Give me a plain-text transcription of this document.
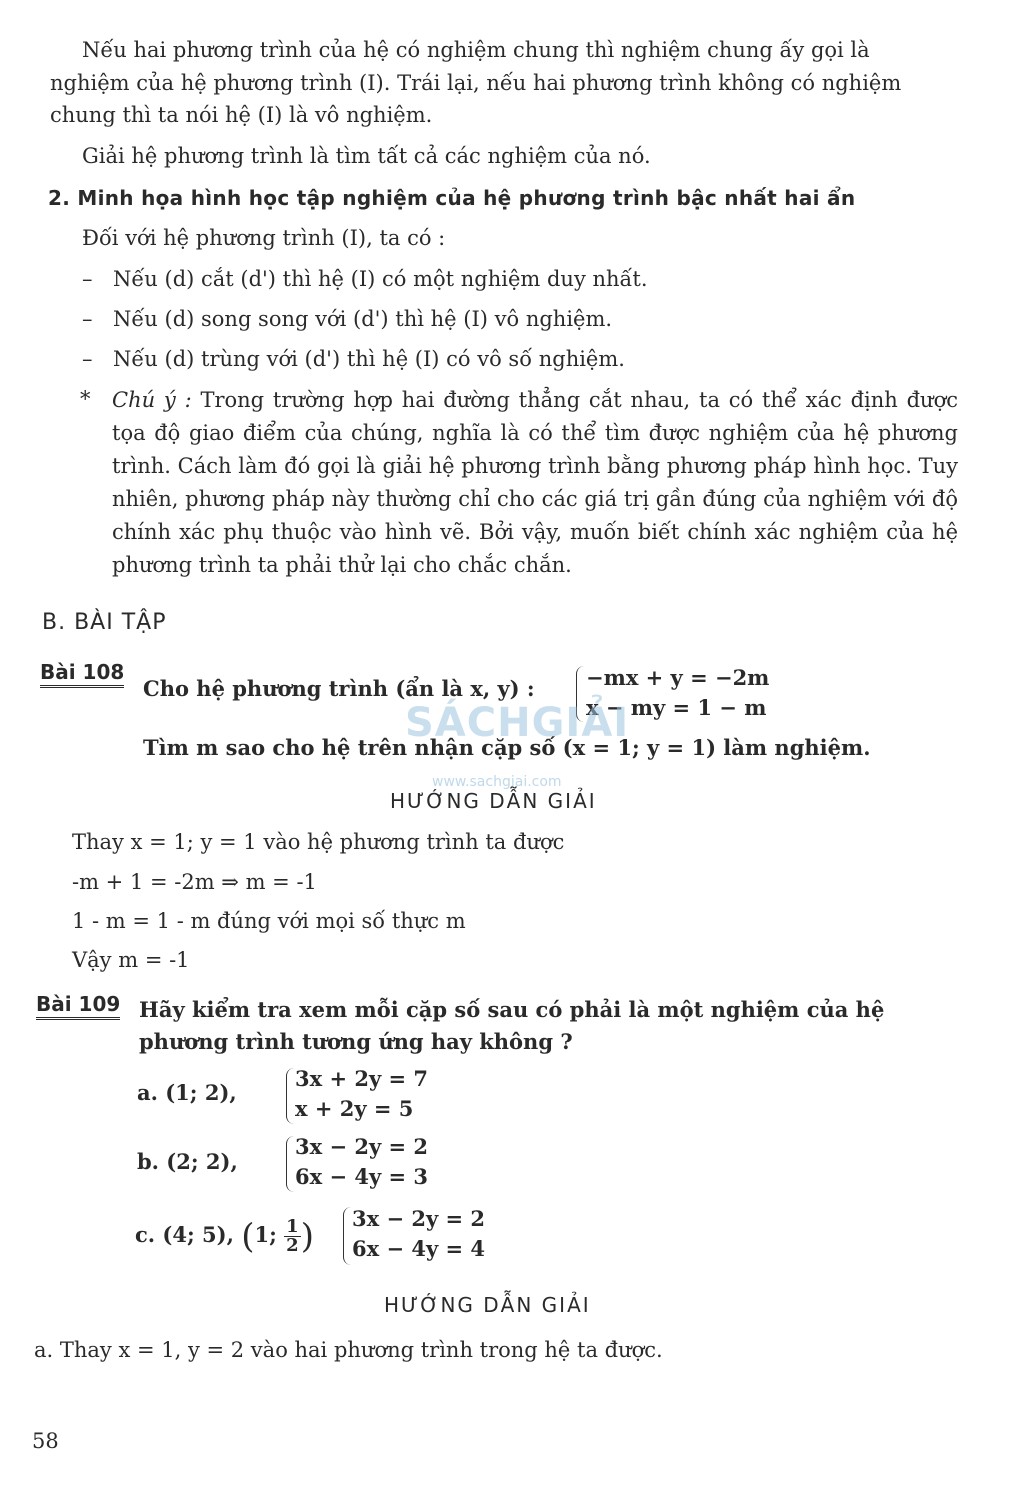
Nếu hai phương trình của hệ có nghiệm chung thì nghiệm chung ấy gọi là
nghiệm của hệ phương trình (I). Trái lại, nếu hai phương trình không có nghiệm
chung thì ta nói hệ (I) là vô nghiệm.
Giải hệ phương trình là tìm tất cả các nghiệm của nó.
2. Minh họa hình học tập nghiệm của hệ phương trình bậc nhất hai ẩn
Đối với hệ phương trình (I), ta có :
– Nếu (d) cắt (d') thì hệ (I) có một nghiệm duy nhất.
– Nếu (d) song song với (d') thì hệ (I) vô nghiệm.
– Nếu (d) trùng với (d') thì hệ (I) có vô số nghiệm.
* Chú ý : Trong trường hợp hai đường thẳng cắt nhau, ta có thể xác định được tọa độ giao điểm của chúng, nghĩa là có thể tìm được nghiệm của hệ phương trình. Cách làm đó gọi là giải hệ phương trình bằng phương pháp hình học. Tuy nhiên, phương pháp này thường chỉ cho các giá trị gần đúng của nghiệm với độ chính xác phụ thuộc vào hình vẽ. Bởi vậy, muốn biết chính xác nghiệm của hệ phương trình ta phải thử lại cho chắc chắn.
B. BÀI TẬP
Bài 108
Cho hệ phương trình (ẩn là x, y) : −mx + y = −2m
x − my = 1 − m
Tìm m sao cho hệ trên nhận cặp số (x = 1; y = 1) làm nghiệm.
SÁCHGIẢI
www.sachgiai.com
HƯỚNG DẪN GIẢI
Thay x = 1; y = 1 vào hệ phương trình ta được
-m + 1 = -2m ⇒ m = -1
1 - m = 1 - m đúng với mọi số thực m
Vậy m = -1
Bài 109 Hãy kiểm tra xem mỗi cặp số sau có phải là một nghiệm của hệ
phương trình tương ứng hay không ?
a. (1; 2),
3x + 2y = 7
x + 2y = 5
b. (2; 2),
3x − 2y = 2
6x − 4y = 3
c. (4; 5), (1; $\frac{1}{2}$ ) 3x − 2y = 2
6x − 4y = 4
HƯỚNG DẪN GIẢI
a. Thay x = 1, y = 2 vào hai phương trình trong hệ ta được.
58
